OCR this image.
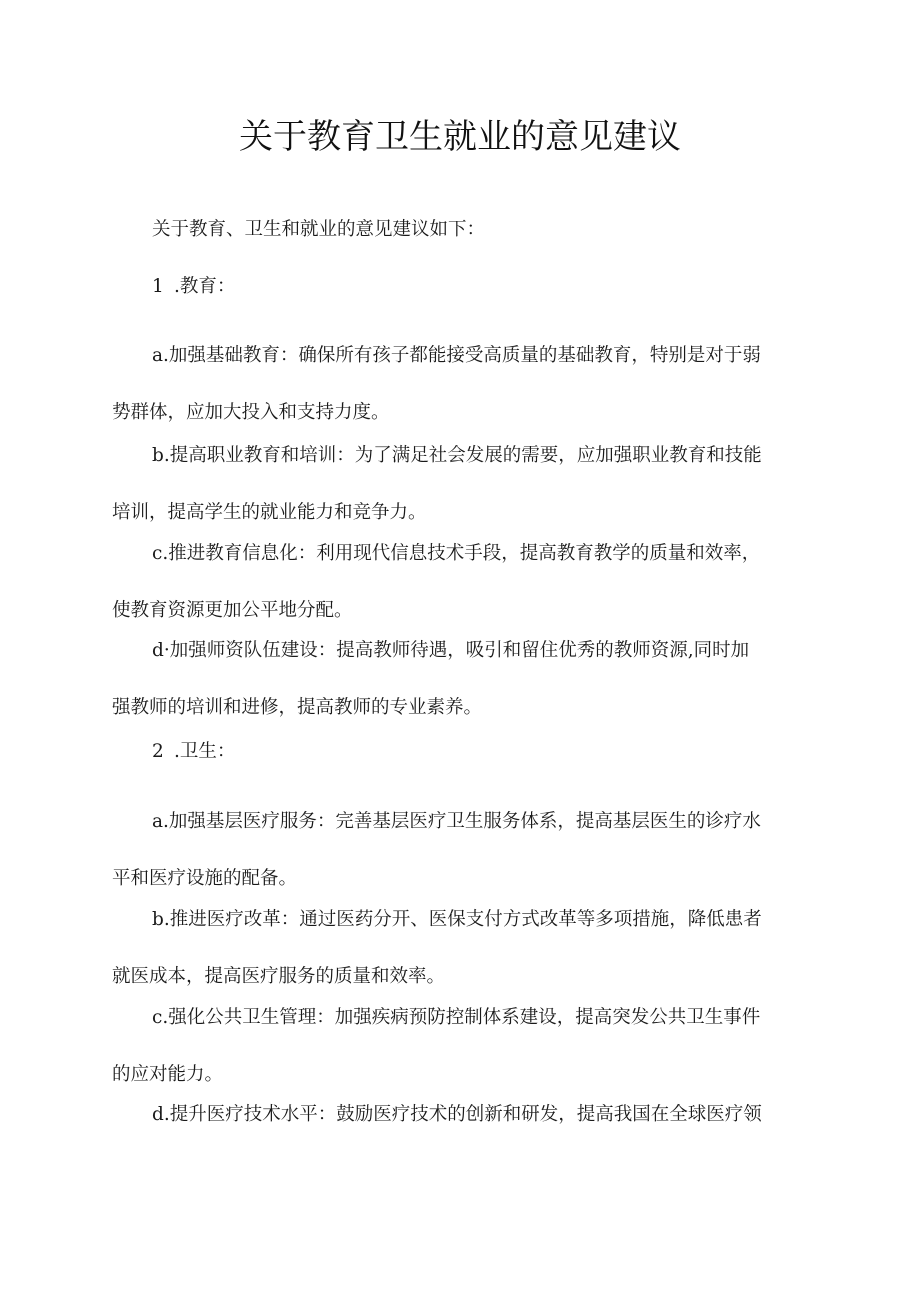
关于教育卫生就业的意见建议

关于教育、卫生和就业的意见建议如下：

1 .教育：

a.加强基础教育：确保所有孩子都能接受高质量的基础教育，特别是对于弱
势群体，应加大投入和支持力度。

b.提高职业教育和培训：为了满足社会发展的需要，应加强职业教育和技能
培训，提高学生的就业能力和竞争力。

c.推进教育信息化：利用现代信息技术手段，提高教育教学的质量和效率，
使教育资源更加公平地分配。

d·加强师资队伍建设：提高教师待遇，吸引和留住优秀的教师资源,同时加
强教师的培训和进修，提高教师的专业素养。

2 .卫生：

a.加强基层医疗服务：完善基层医疗卫生服务体系，提高基层医生的诊疗水
平和医疗设施的配备。

b.推进医疗改革：通过医药分开、医保支付方式改革等多项措施，降低患者
就医成本，提高医疗服务的质量和效率。

c.强化公共卫生管理：加强疾病预防控制体系建设，提高突发公共卫生事件
的应对能力。

d.提升医疗技术水平：鼓励医疗技术的创新和研发，提高我国在全球医疗领
